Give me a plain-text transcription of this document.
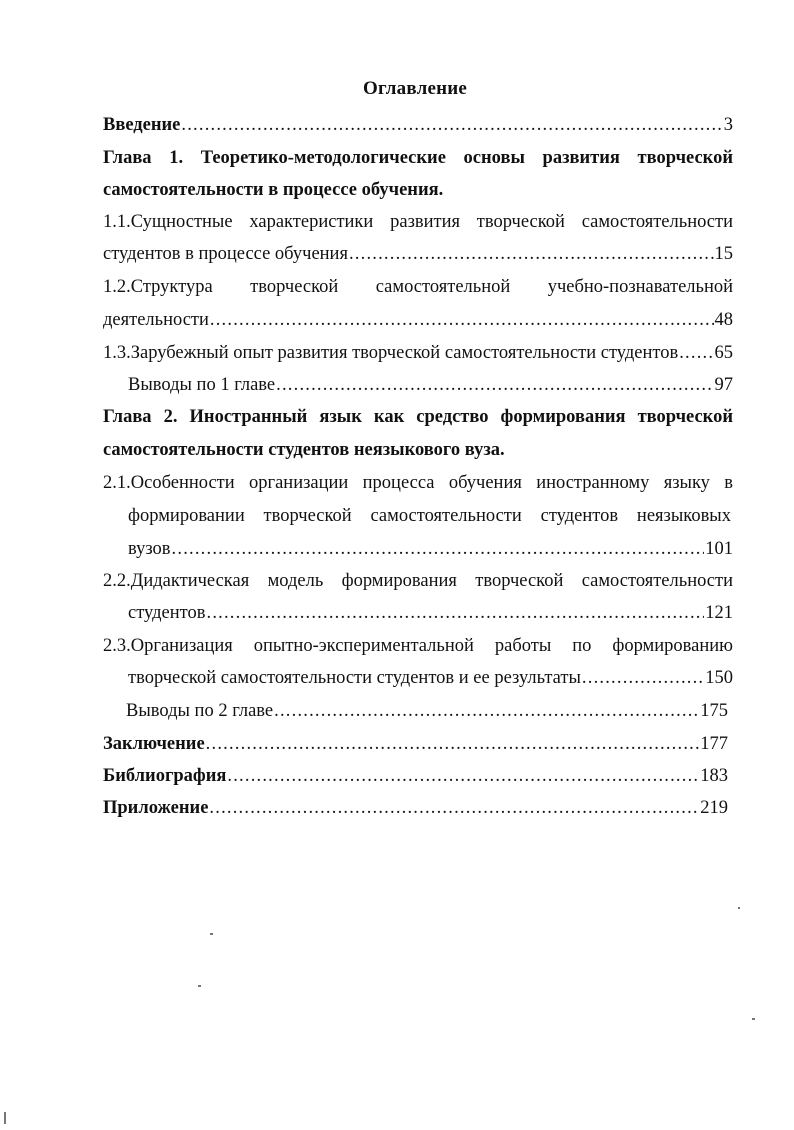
Оглавление
Введение .....	3
Глава 1. Теоретико-методологические основы развития творческой
самостоятельности в процессе обучения.
1.1.Сущностные характеристики развития творческой самостоятельности
студентов в процессе обучения .....	15
1.2.Структура творческой самостоятельной учебно-познавательной
деятельности .....	48
1.3.Зарубежный опыт развития творческой самостоятельности студентов ..... 65
Выводы по 1 главе .....	97
Глава 2. Иностранный язык как средство формирования творческой
самостоятельности студентов неязыкового вуза.
2.1.Особенности организации процесса обучения иностранному языку в
формировании творческой самостоятельности студентов неязыковых
вузов .....	101
2.2.Дидактическая модель формирования творческой самостоятельности
студентов .....	121
2.3.Организация опытно-экспериментальной работы по формированию
творческой самостоятельности студентов и ее результаты .....	150
Выводы по 2 главе .....	175
Заключение .....	177
Библиография .....	183
Приложение .....	219
